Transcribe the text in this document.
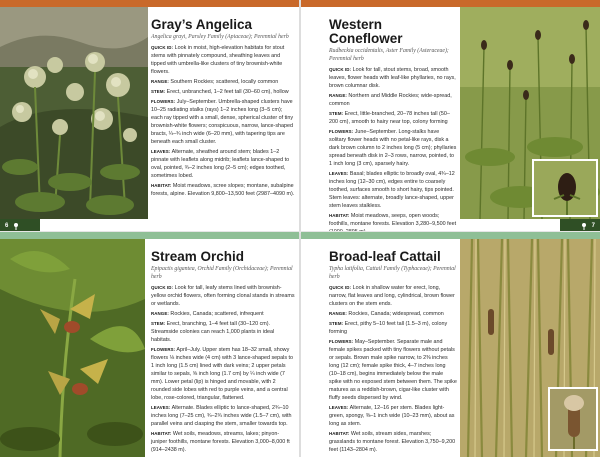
Gray’s Angelica
Angelica grayi, Parsley Family (Apiaceae); Perennial herb
QUICK ID: Look in moist, high-elevation habitats for stout stems with pinnately compound, sheathing leaves and tipped with umbrella-like clusters of tiny brownish-white flowers.
RANGE: Southern Rockies; scattered, locally common
STEM: Erect, unbranched, 1–2 feet tall (30–60 cm), hollow
FLOWERS: July–September. Umbrella-shaped clusters have 10–25 radiating stalks (rays) 1–2 inches long (3–5 cm); each ray tipped with a small, dense, spherical cluster of tiny brownish-white flowers; conspicuous, narrow, lance-shaped bracts, ¼–¾ inch wide (6–20 mm), with tapering tips are beneath each small cluster.
LEAVES: Alternate, sheathed around stem; blades 1–2 pinnate with leaflets along midrib; leaflets lance-shaped to oval, pointed, ¾–2 inches long (2–5 cm); edges toothed, sometimes lobed.
HABITAT: Moist meadows, scree slopes; montane, subalpine forests, alpine. Elevation 9,800–13,500 feet (2987–4090 m).
6
Western Coneflower
Rudbeckia occidentalis, Aster Family (Asteraceae); Perennial herb
QUICK ID: Look for tall, stout stems, broad, smooth leaves, flower heads with leaf-like phyllaries, no rays, brown columnar disk.
RANGE: Northern and Middle Rockies; wide-spread, common
STEM: Erect, little-branched, 20–78 inches tall (50–200 cm), smooth to hairy near top, colony forming
FLOWERS: June–September. Long-stalks have solitary flower heads with no petal-like rays, disk a dark brown column to 2 inches long (5 cm); phyllaries spread beneath disk in 2–3 rows, narrow, pointed, to 1 inch long (3 cm), sparsely hairy.
LEAVES: Basal; blades elliptic to broadly oval, 4¾–12 inches long (12–30 cm), edges entire to coarsely toothed, surfaces smooth to short hairy, tips pointed. Stem leaves: alternate, broadly lance-shaped, upper stem leaves stalkless.
HABITAT: Moist meadows, seeps, open woods; foothills, montane forests. Elevation 3,280–9,500 feet	7
Stream Orchid
Epipactis gigantea, Orchid Family (Orchidaceae); Perennial herb
QUICK ID: Look for tall, leafy stems lined with brownish-yellow orchid flowers, often forming clonal stands in streams or wetlands.
RANGE: Rockies, Canada; scattered, infrequent
STEM: Erect, branching, 1–4 feet tall (30–120 cm). Streamside colonies can reach 1,000 plants in ideal habitats.
FLOWERS: April–July. Upper stem has 18–32 small, showy flowers ⅛ inches wide (4 cm) with 3 lance-shaped sepals to 1 inch long (1.5 cm) lined with dark veins; 2 upper petals similar to sepals, ⅝ inch long (1.7 cm) by ¼ inch wide (7 mm). Lower petal (lip) is hinged and movable, with 2 rounded side lobes with red to purple veins, and a central lobe, rose-colored, triangular, flattened.
LEAVES: Alternate. Blades elliptic to lance-shaped, 2¾–10 inches long (7–25 cm), ¾–2¾ inches wide (1.5–7 cm), with parallel veins and clasping the stem, smaller towards top.
HABITAT: Wet soils, meadows, streams, lakes; pinyon-juniper foothills, montane forests. Elevation 3,000–8,000 ft (914–2438 m).
Broad-leaf Cattail
Typha latifolia, Cattail Family (Typhaceae); Perennial herb
QUICK ID: Look in shallow water for erect, long, narrow, flat leaves and long, cylindrical, brown flower clusters on the stem ends.
RANGE: Rockies, Canada; widespread, common
STEM: Erect, pithy 5–10 feet tall (1.5–3 m), colony forming
FLOWERS: May–September. Separate male and female spikes packed with tiny flowers without petals or sepals. Brown male spike narrow, to 2⅜ inches long (12 cm); female spike thick, 4–7 inches long (10–18 cm), begins immediately below the male spike with no exposed stem between them. The spike matures as a reddish-brown, cigar-like cluster with fluffy seeds dispersed by wind.
LEAVES: Alternate, 12–16 per stem. Blades light-green, spongy, ⅜–1 inch wide (10–23 mm), about as long as stem.
HABITAT: Wet soils, stream sides, marshes; grasslands to montane forest. Elevation 3,750–9,200 feet (1143–2804 m).
